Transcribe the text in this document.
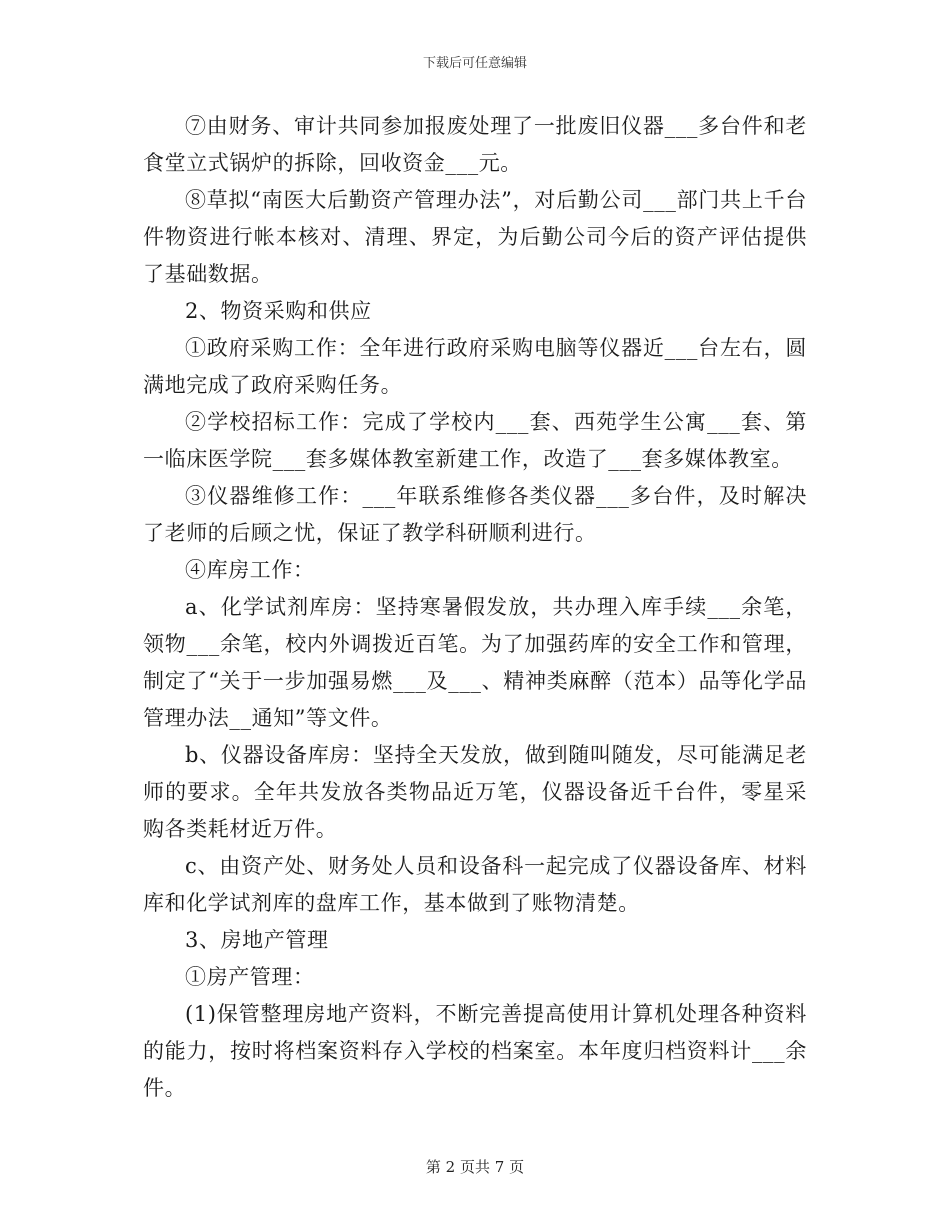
下载后可任意编辑

⑦由财务、审计共同参加报废处理了一批废旧仪器___多台件和老食堂立式锅炉的拆除，回收资金___元。

⑧草拟“南医大后勤资产管理办法”，对后勤公司___部门共上千台件物资进行帐本核对、清理、界定，为后勤公司今后的资产评估提供了基础数据。

2、物资采购和供应

①政府采购工作：全年进行政府采购电脑等仪器近___台左右，圆满地完成了政府采购任务。

②学校招标工作：完成了学校内___套、西苑学生公寓___套、第一临床医学院___套多媒体教室新建工作，改造了___套多媒体教室。

③仪器维修工作：___年联系维修各类仪器___多台件，及时解决了老师的后顾之忧，保证了教学科研顺利进行。

④库房工作：

a、化学试剂库房：坚持寒暑假发放，共办理入库手续___余笔，领物___余笔，校内外调拨近百笔。为了加强药库的安全工作和管理，制定了“关于一步加强易燃___及___、精神类麻醉（范本）品等化学品管理办法__通知”等文件。

b、仪器设备库房：坚持全天发放，做到随叫随发，尽可能满足老师的要求。全年共发放各类物品近万笔，仪器设备近千台件，零星采购各类耗材近万件。

c、由资产处、财务处人员和设备科一起完成了仪器设备库、材料库和化学试剂库的盘库工作，基本做到了账物清楚。

3、房地产管理

①房产管理：

(1)保管整理房地产资料，不断完善提高使用计算机处理各种资料的能力，按时将档案资料存入学校的档案室。本年度归档资料计___余件。

第 2 页共 7 页
